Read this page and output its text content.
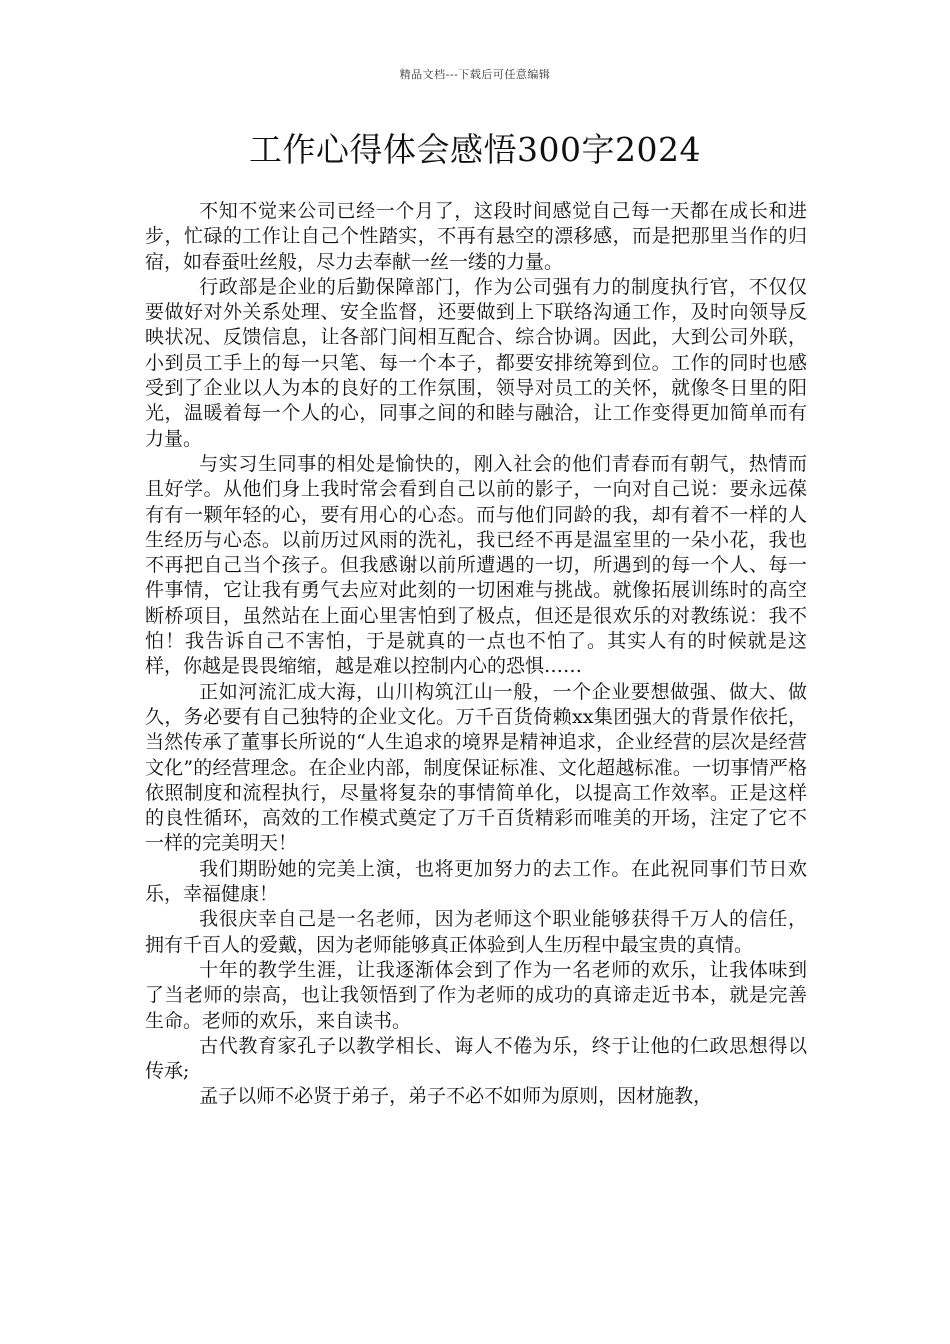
精品文档---下载后可任意编辑
工作心得体会感悟300字2024

不知不觉来公司已经一个月了，这段时间感觉自己每一天都在成长和进步，忙碌的工作让自己个性踏实，不再有悬空的漂移感，而是把那里当作的归宿，如春蚕吐丝般，尽力去奉献一丝一缕的力量。

行政部是企业的后勤保障部门，作为公司强有力的制度执行官，不仅仅要做好对外关系处理、安全监督，还要做到上下联络沟通工作，及时向领导反映状况、反馈信息，让各部门间相互配合、综合协调。因此，大到公司外联，小到员工手上的每一只笔、每一个本子，都要安排统筹到位。工作的同时也感受到了企业以人为本的良好的工作氛围，领导对员工的关怀，就像冬日里的阳光，温暖着每一个人的心，同事之间的和睦与融洽，让工作变得更加简单而有力量。

与实习生同事的相处是愉快的，刚入社会的他们青春而有朝气，热情而且好学。从他们身上我时常会看到自己以前的影子，一向对自己说：要永远葆有有一颗年轻的心，要有用心的心态。而与他们同龄的我，却有着不一样的人生经历与心态。以前历过风雨的洗礼，我已经不再是温室里的一朵小花，我也不再把自己当个孩子。但我感谢以前所遭遇的一切，所遇到的每一个人、每一件事情，它让我有勇气去应对此刻的一切困难与挑战。就像拓展训练时的高空断桥项目，虽然站在上面心里害怕到了极点，但还是很欢乐的对教练说：我不怕！我告诉自己不害怕，于是就真的一点也不怕了。其实人有的时候就是这样，你越是畏畏缩缩，越是难以控制内心的恐惧……

正如河流汇成大海，山川构筑江山一般，一个企业要想做强、做大、做久，务必要有自己独特的企业文化。万千百货倚赖xx集团强大的背景作依托，当然传承了董事长所说的“人生追求的境界是精神追求，企业经营的层次是经营文化”的经营理念。在企业内部，制度保证标准、文化超越标准。一切事情严格依照制度和流程执行，尽量将复杂的事情简单化，以提高工作效率。正是这样的良性循环，高效的工作模式奠定了万千百货精彩而唯美的开场，注定了它不一样的完美明天！

我们期盼她的完美上演，也将更加努力的去工作。在此祝同事们节日欢乐，幸福健康！

我很庆幸自己是一名老师，因为老师这个职业能够获得千万人的信任，拥有千百人的爱戴，因为老师能够真正体验到人生历程中最宝贵的真情。

十年的教学生涯，让我逐渐体会到了作为一名老师的欢乐，让我体味到了当老师的崇高，也让我领悟到了作为老师的成功的真谛走近书本，就是完善生命。老师的欢乐，来自读书。

古代教育家孔子以教学相长、诲人不倦为乐，终于让他的仁政思想得以传承;

孟子以师不必贤于弟子，弟子不必不如师为原则，因材施教，
